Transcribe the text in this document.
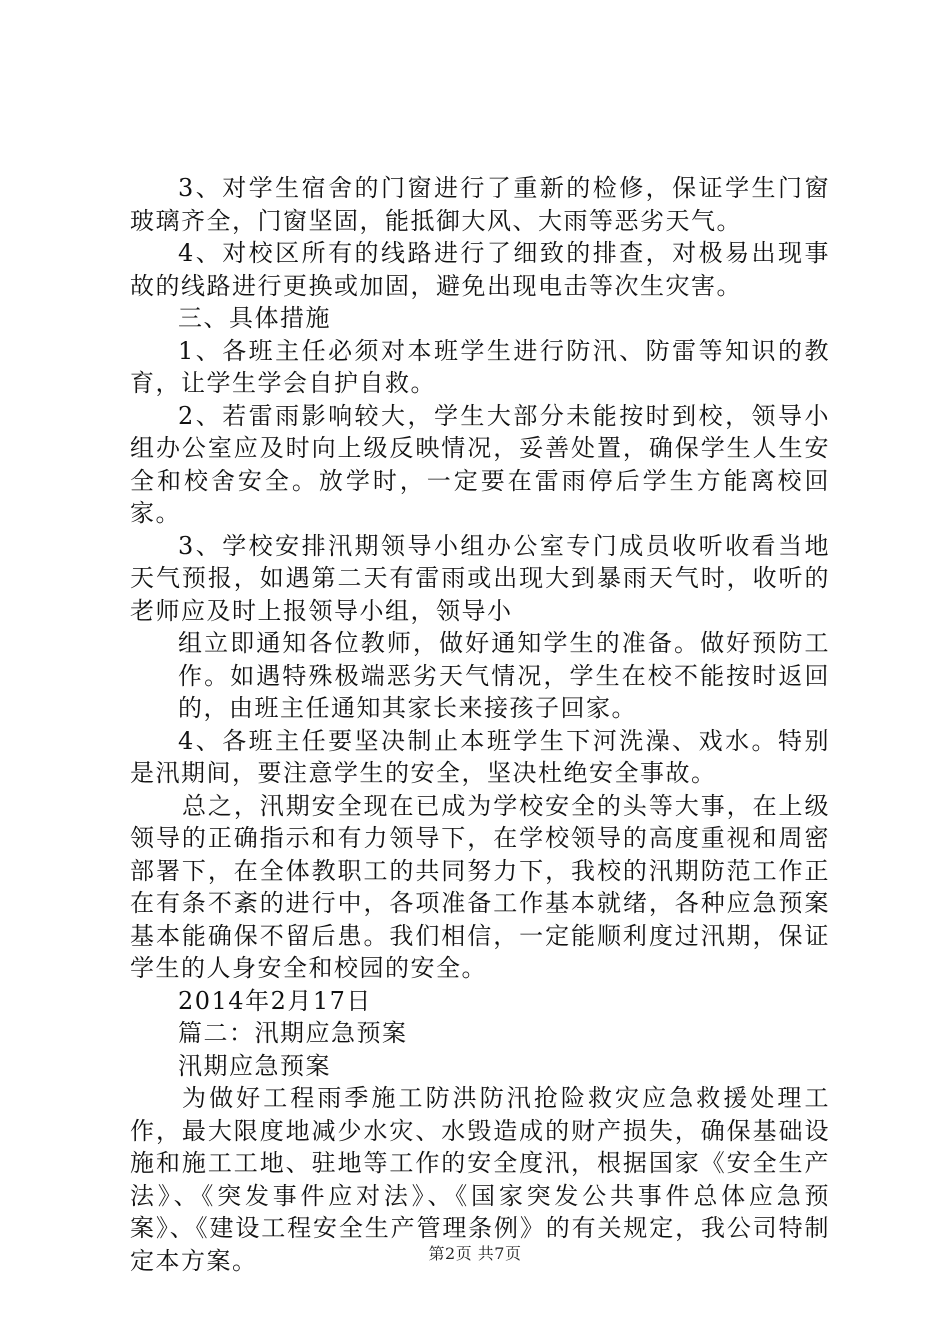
3、对学生宿舍的门窗进行了重新的检修，保证学生门窗玻璃齐全，门窗坚固，能抵御大风、大雨等恶劣天气。

4、对校区所有的线路进行了细致的排查，对极易出现事故的线路进行更换或加固，避免出现电击等次生灾害。

三、具体措施

1、各班主任必须对本班学生进行防汛、防雷等知识的教育，让学生学会自护自救。

2、若雷雨影响较大，学生大部分未能按时到校，领导小组办公室应及时向上级反映情况，妥善处置，确保学生人生安全和校舍安全。放学时，一定要在雷雨停后学生方能离校回家。

3、学校安排汛期领导小组办公室专门成员收听收看当地天气预报，如遇第二天有雷雨或出现大到暴雨天气时，收听的老师应及时上报领导小组，领导小

组立即通知各位教师，做好通知学生的准备。做好预防工作。如遇特殊极端恶劣天气情况，学生在校不能按时返回的，由班主任通知其家长来接孩子回家。

4、各班主任要坚决制止本班学生下河洗澡、戏水。特别是汛期间，要注意学生的安全，坚决杜绝安全事故。

总之，汛期安全现在已成为学校安全的头等大事，在上级领导的正确指示和有力领导下，在学校领导的高度重视和周密部署下，在全体教职工的共同努力下，我校的汛期防范工作正在有条不紊的进行中，各项准备工作基本就绪，各种应急预案基本能确保不留后患。我们相信，一定能顺利度过汛期，保证学生的人身安全和校园的安全。

2014年2月17日

篇二：汛期应急预案

汛期应急预案

为做好工程雨季施工防洪防汛抢险救灾应急救援处理工作，最大限度地减少水灾、水毁造成的财产损失，确保基础设施和施工工地、驻地等工作的安全度汛，根据国家《安全生产法》、《突发事件应对法》、《国家突发公共事件总体应急预案》、《建设工程安全生产管理条例》的有关规定，我公司特制定本方案。	第2页 共7页
